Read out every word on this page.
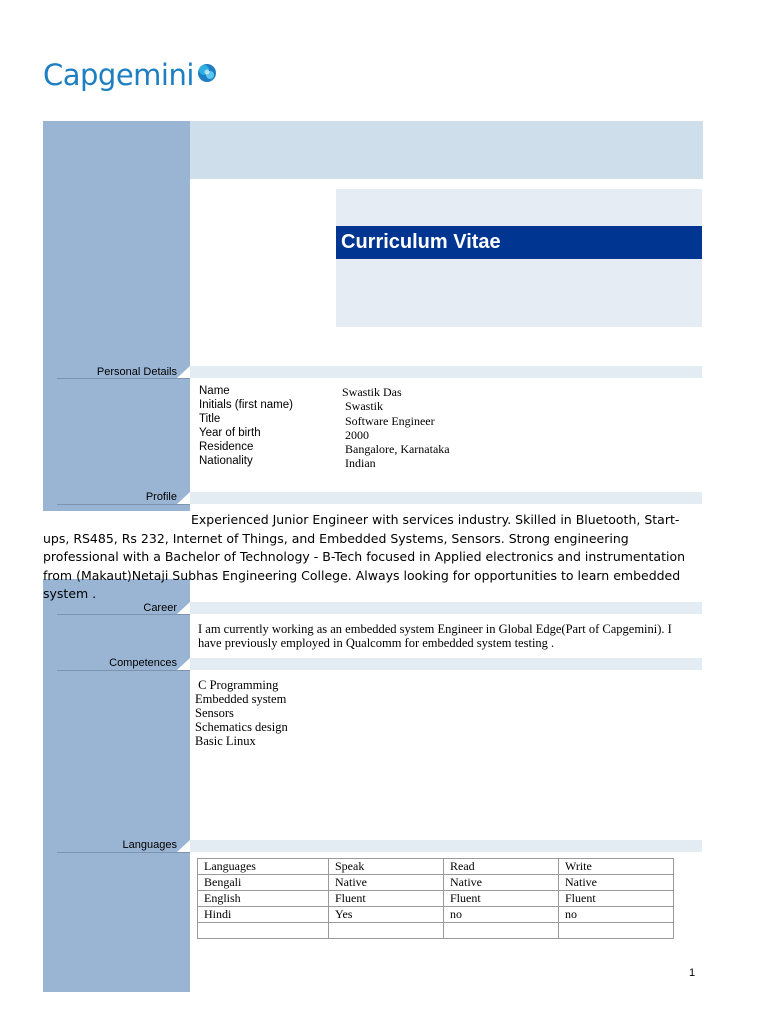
Capgemini
Curriculum Vitae
Personal Details
Name	Swastik Das
Initials (first name)	Swastik
Title	Software Engineer
Year of birth	2000
Residence	Bangalore, Karnataka
Nationality	Indian
Profile
Experienced Junior Engineer with services industry. Skilled in Bluetooth, Start-ups, RS485, Rs 232, Internet of Things, and Embedded Systems, Sensors. Strong engineering professional with a Bachelor of Technology - B-Tech focused in Applied electronics and instrumentation from (Makaut)Netaji Subhas Engineering College. Always looking for opportunities to learn embedded system .
Career
I am currently working as an embedded system Engineer in Global Edge(Part of Capgemini). I
have previously employed in Qualcomm for embedded system testing .
Competences
C Programming
Embedded system
Sensors
Schematics design
Basic Linux
Languages
Languages	Speak	Read	Write
Bengali	Native	Native	Native
English	Fluent	Fluent	Fluent
Hindi	Yes	no	no

1
